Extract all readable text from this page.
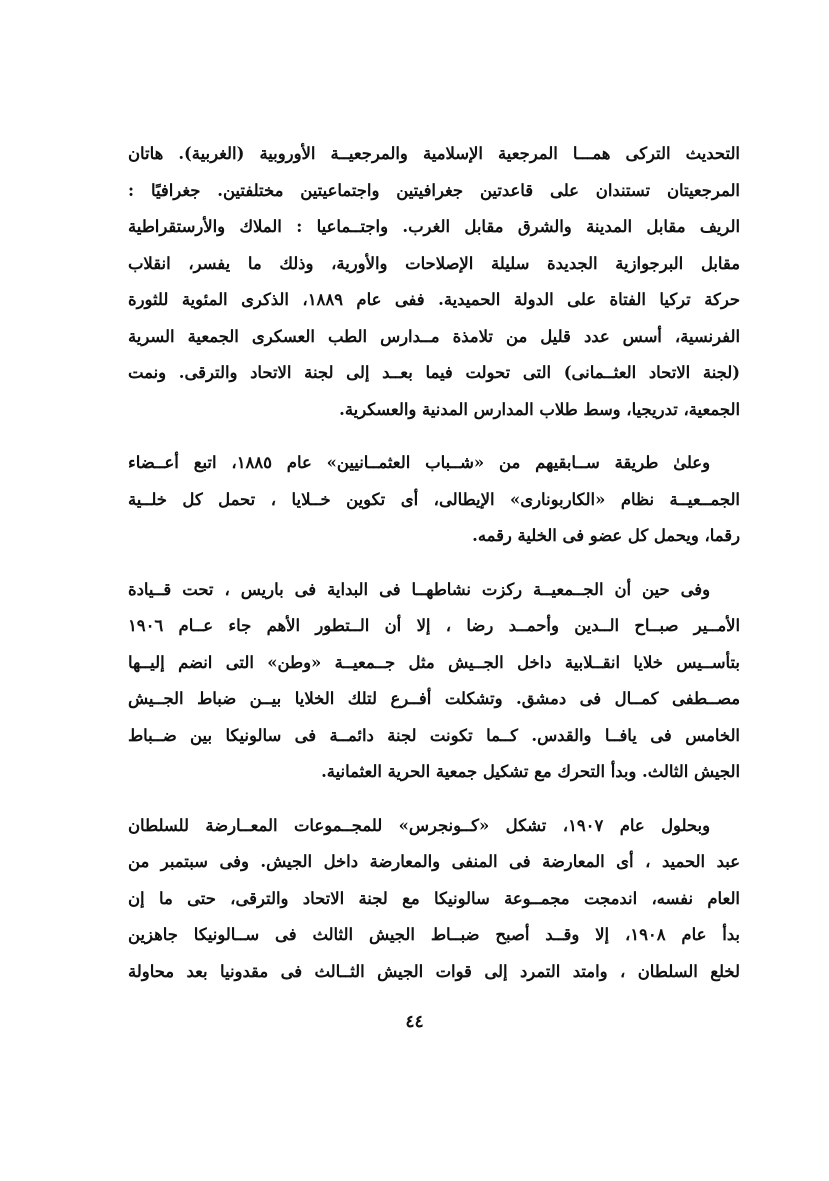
التحديث التركى همـــا المرجعية الإسلامية والمرجعيــة الأوروبية (الغربية). هاتان
المرجعيتان تستندان على قاعدتين جغرافيتين واجتماعيتين مختلفتين. جغرافيًا :
الريف مقابل المدينة والشرق مقابل الغرب. واجتــماعيا : الملاك والأرستقراطية
مقابل البرجوازية الجديدة سليلة الإصلاحات والأورية، وذلك ما يفسر، انقلاب
حركة تركيا الفتاة على الدولة الحميدية. ففى عام ١٨٨٩، الذكرى المئوية للثورة
الفرنسية، أسس عدد قليل من تلامذة مــدارس الطب العسكرى الجمعية السرية
(لجنة الاتحاد العثــمانى) التى تحولت فيما بعــد إلى لجنة الاتحاد والترقى. ونمت
الجمعية، تدريجيا، وسط طلاب المدارس المدنية والعسكرية.
وعلىٰ طريقة ســابقيهم من «شــباب العثمــانيين» عام ١٨٨٥، اتبع أعــضاء
الجمــعيــة نظام «الكاربونارى» الإيطالى، أى تكوين خــلايا ، تحمل كل خلــية
رقما، ويحمل كل عضو فى الخلية رقمه.
وفى حين أن الجــمعيــة ركزت نشاطهــا فى البداية فى باريس ، تحت قــيادة
الأمــير صبــاح الــدين وأحمــد رضا ، إلا أن الــتطور الأهم جاء عــام ١٩٠٦
بتأســيس خلايا انقــلابية داخل الجــيش مثل جــمعيــة «وطن» التى انضم إليــها
مصــطفى كمــال فى دمشق. وتشكلت أفــرع لتلك الخلايا بيــن ضباط الجــيش
الخامس فى يافــا والقدس. كــما تكونت لجنة دائمــة فى سالونيكا بين ضــباط
الجيش الثالث. وبدأ التحرك مع تشكيل جمعية الحرية العثمانية.
وبحلول عام ١٩٠٧، تشكل «كــونجرس» للمجــموعات المعــارضة للسلطان
عبد الحميد ، أى المعارضة فى المنفى والمعارضة داخل الجيش. وفى سبتمبر من
العام نفسه، اندمجت مجمــوعة سالونيكا مع لجنة الاتحاد والترقى، حتى ما إن
بدأ عام ١٩٠٨، إلا وقــد أصبح ضبــاط الجيش الثالث فى ســالونيكا جاهزين
لخلع السلطان ، وامتد التمرد إلى قوات الجيش الثــالث فى مقدونيا بعد محاولة
٤٤
